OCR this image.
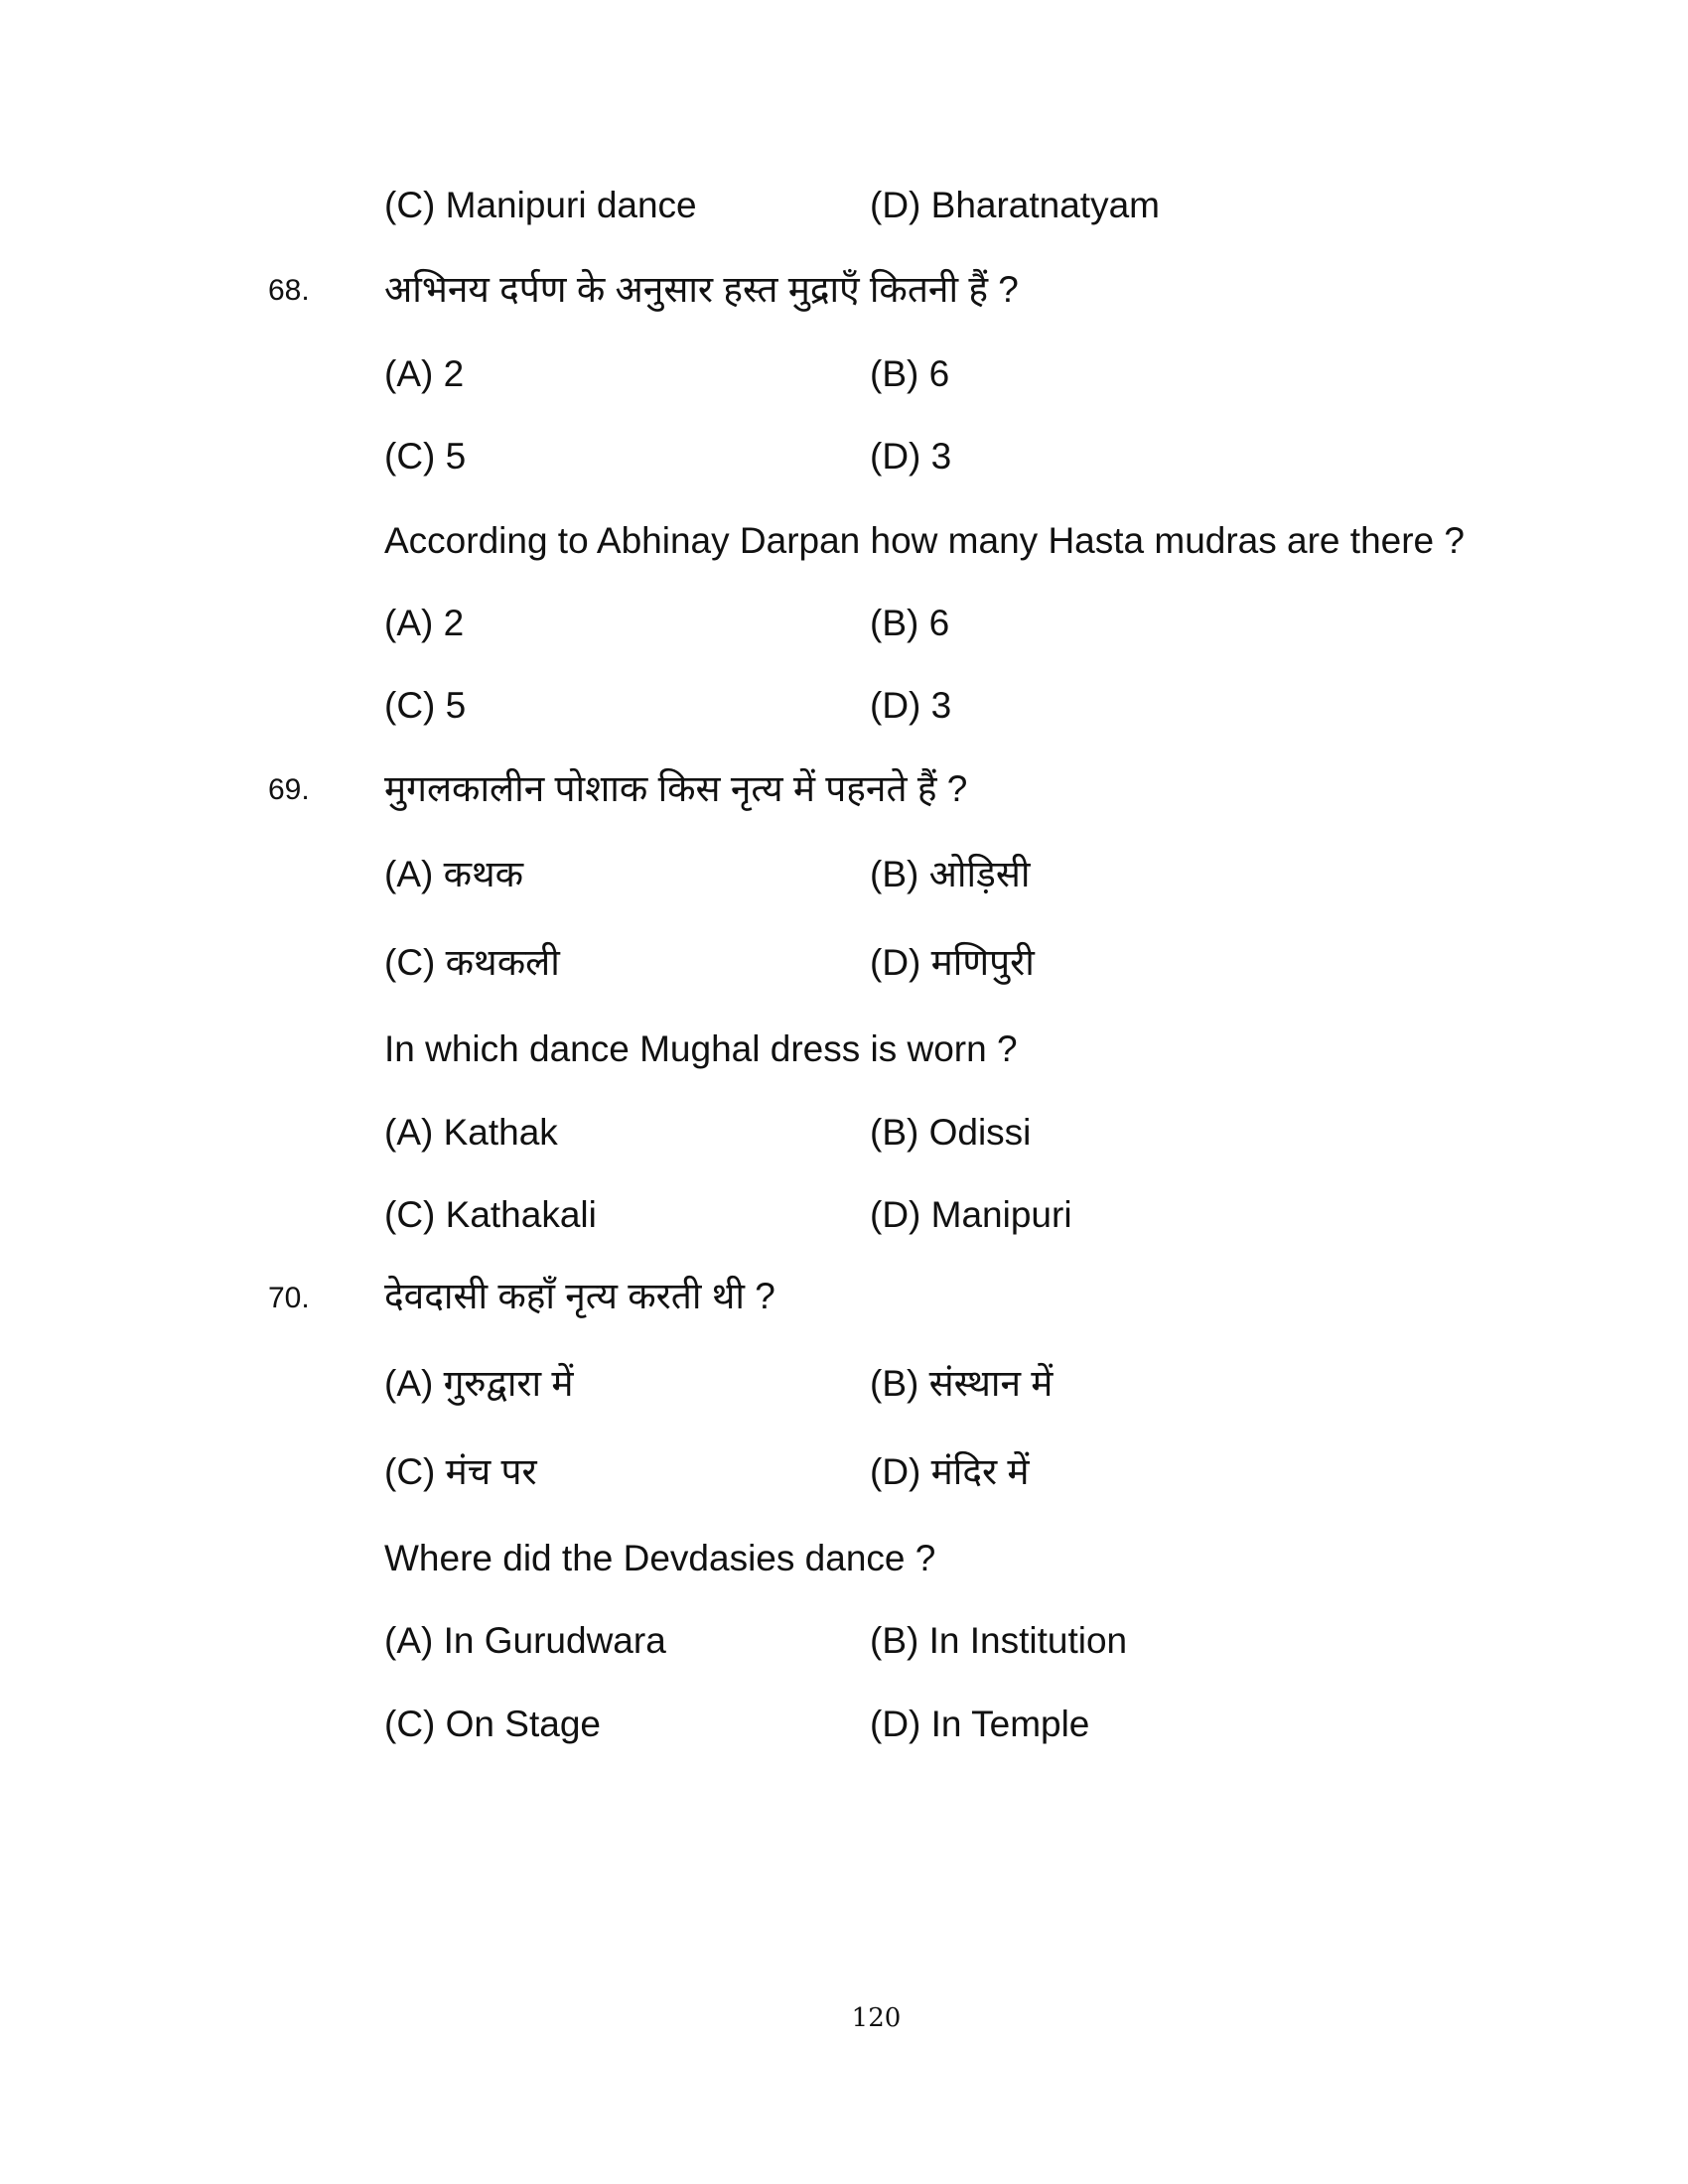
(C) Manipuri dance	(D) Bharatnatyam
68. अभिनय दर्पण के अनुसार हस्त मुद्राएँ कितनी हैं ?
(A) 2	(B) 6
(C) 5	(D) 3
According to Abhinay Darpan how many Hasta mudras are there ?
(A) 2	(B) 6
(C) 5	(D) 3
69. मुगलकालीन पोशाक किस नृत्य में पहनते हैं ?
(A) कथक	(B) ओड़िसी
(C) कथकली	(D) मणिपुरी
In which dance Mughal dress is worn ?
(A) Kathak	(B) Odissi
(C) Kathakali	(D) Manipuri
70. देवदासी कहाँ नृत्य करती थी ?
(A) गुरुद्वारा में	(B) संस्थान में
(C) मंच पर	(D) मंदिर में
Where did the Devdasies dance ?
(A) In Gurudwara	(B) In Institution
(C) On Stage	(D) In Temple
120
